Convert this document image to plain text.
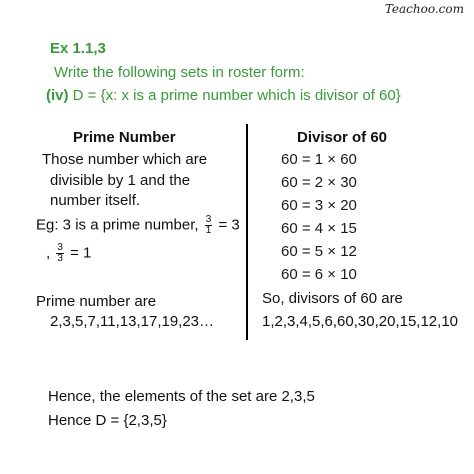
Teachoo.com
Ex 1.1,3
Write the following sets in roster form:
(iv) D = {x: x is a prime number which is divisor of 60}
Prime Number	Divisor of 60
Those number which are
divisible by 1 and the
number itself.
Eg: 3 is a prime number, $\frac{3}{1} = 3$
, $\frac{3}{3} = 1$
Prime number are
2,3,5,7,11,13,17,19,23…
60 = 1 × 60
60 = 2 × 30
60 = 3 × 20
60 = 4 × 15
60 = 5 × 12
60 = 6 × 10
So, divisors of 60 are
1,2,3,4,5,6,60,30,20,15,12,10
Hence, the elements of the set are 2,3,5
Hence D = {2,3,5}
